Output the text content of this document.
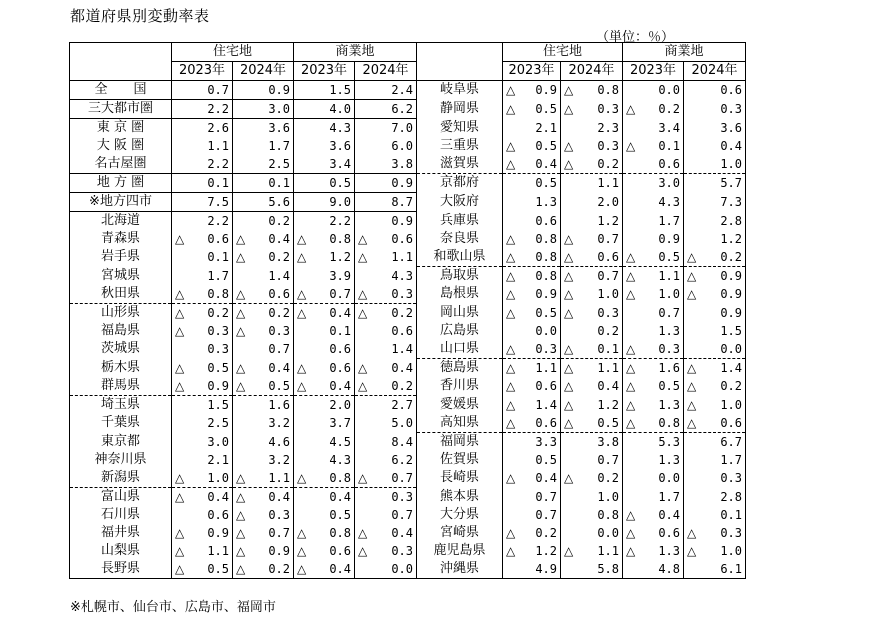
都道府県別変動率表
（単位：％）
	住宅地		商業地			住宅地		商業地	
	2023年	2024年	2023年	2024年		2023年	2024年	2023年	2024年
全　　国	0.7	0.9	1.5	2.4	岐阜県	△ 0.9	△ 0.8	0.0	0.6
三大都市圏	2.2	3.0	4.0	6.2	静岡県	△ 0.5	△ 0.3	△ 0.2	0.3
東 京 圏	2.6	3.6	4.3	7.0	愛知県	2.1	2.3	3.4	3.6
大 阪 圏	1.1	1.7	3.6	6.0	三重県	△ 0.5	△ 0.3	△ 0.1	0.4
名古屋圏	2.2	2.5	3.4	3.8	滋賀県	△ 0.4	△ 0.2	0.6	1.0
地 方 圏	0.1	0.1	0.5	0.9	京都府	0.5	1.1	3.0	5.7
※地方四市	7.5	5.6	9.0	8.7	大阪府	1.3	2.0	4.3	7.3
北海道	2.2	0.2	2.2	0.9	兵庫県	0.6	1.2	1.7	2.8
青森県	△ 0.6	△ 0.4	△ 0.8	△ 0.6	奈良県	△ 0.8	△ 0.7	0.9	1.2
岩手県	0.1	△ 0.2	△ 1.2	△ 1.1	和歌山県	△ 0.8	△ 0.6	△ 0.5	△ 0.2

宮城県	1.7	1.4	3.9	4.3	鳥取県	△ 0.8	△ 0.7	△ 1.1	△ 0.9

秋田県	△ 0.8	△ 0.6	△ 0.7	△ 0.3	島根県	△ 0.9	△ 1.0	△ 1.0	△ 0.9

山形県	△ 0.2	△ 0.2	△ 0.4	△ 0.2	岡山県	△ 0.5	△ 0.3	0.7	0.9
福島県	△ 0.3	△ 0.3	0.1	0.6	広島県	0.0	0.2	1.3	1.5
茨城県	0.3	0.7	0.6	1.4	山口県	△ 0.3	△ 0.1	△ 0.3	0.0
栃木県	△ 0.5	△ 0.4	△ 0.6	△ 0.4	徳島県	△ 1.1	△ 1.1	△ 1.6	△ 1.4

群馬県	△ 0.9	△ 0.5	△ 0.4	△ 0.2	香川県	△ 0.6	△ 0.4	△ 0.5	△ 0.2

埼玉県	1.5	1.6	2.0	2.7	愛媛県	△ 1.4	△ 1.2	△ 1.3	△ 1.0

千葉県	2.5	3.2	3.7	5.0	高知県	△ 0.6	△ 0.5	△ 0.8	△ 0.6

東京都	3.0	4.6	4.5	8.4	福岡県	3.3	3.8	5.3	6.7
神奈川県	2.1	3.2	4.3	6.2	佐賀県	0.5	0.7	1.3	1.7
新潟県	△ 1.0	△ 1.1	△ 0.8	△ 0.7	長崎県	△ 0.4	△ 0.2	0.0	0.3
富山県	△ 0.4	△ 0.4	0.4	0.3	熊本県	0.7	1.0	1.7	2.8
石川県	0.6	△ 0.3	0.5	0.7	大分県	0.7	0.8	△ 0.4	0.1
福井県	△ 0.9	△ 0.7	△ 0.8	△ 0.4	宮崎県	△ 0.2	0.0	△ 0.6	△ 0.3

山梨県	△ 1.1	△ 0.9	△ 0.6	△ 0.3	鹿児島県	△ 1.2	△ 1.1	△ 1.3	△ 1.0

長野県	△ 0.5	△ 0.2	△ 0.4	0.0	沖縄県	4.9	5.8	4.8	6.1
※札幌市、仙台市、広島市、福岡市
